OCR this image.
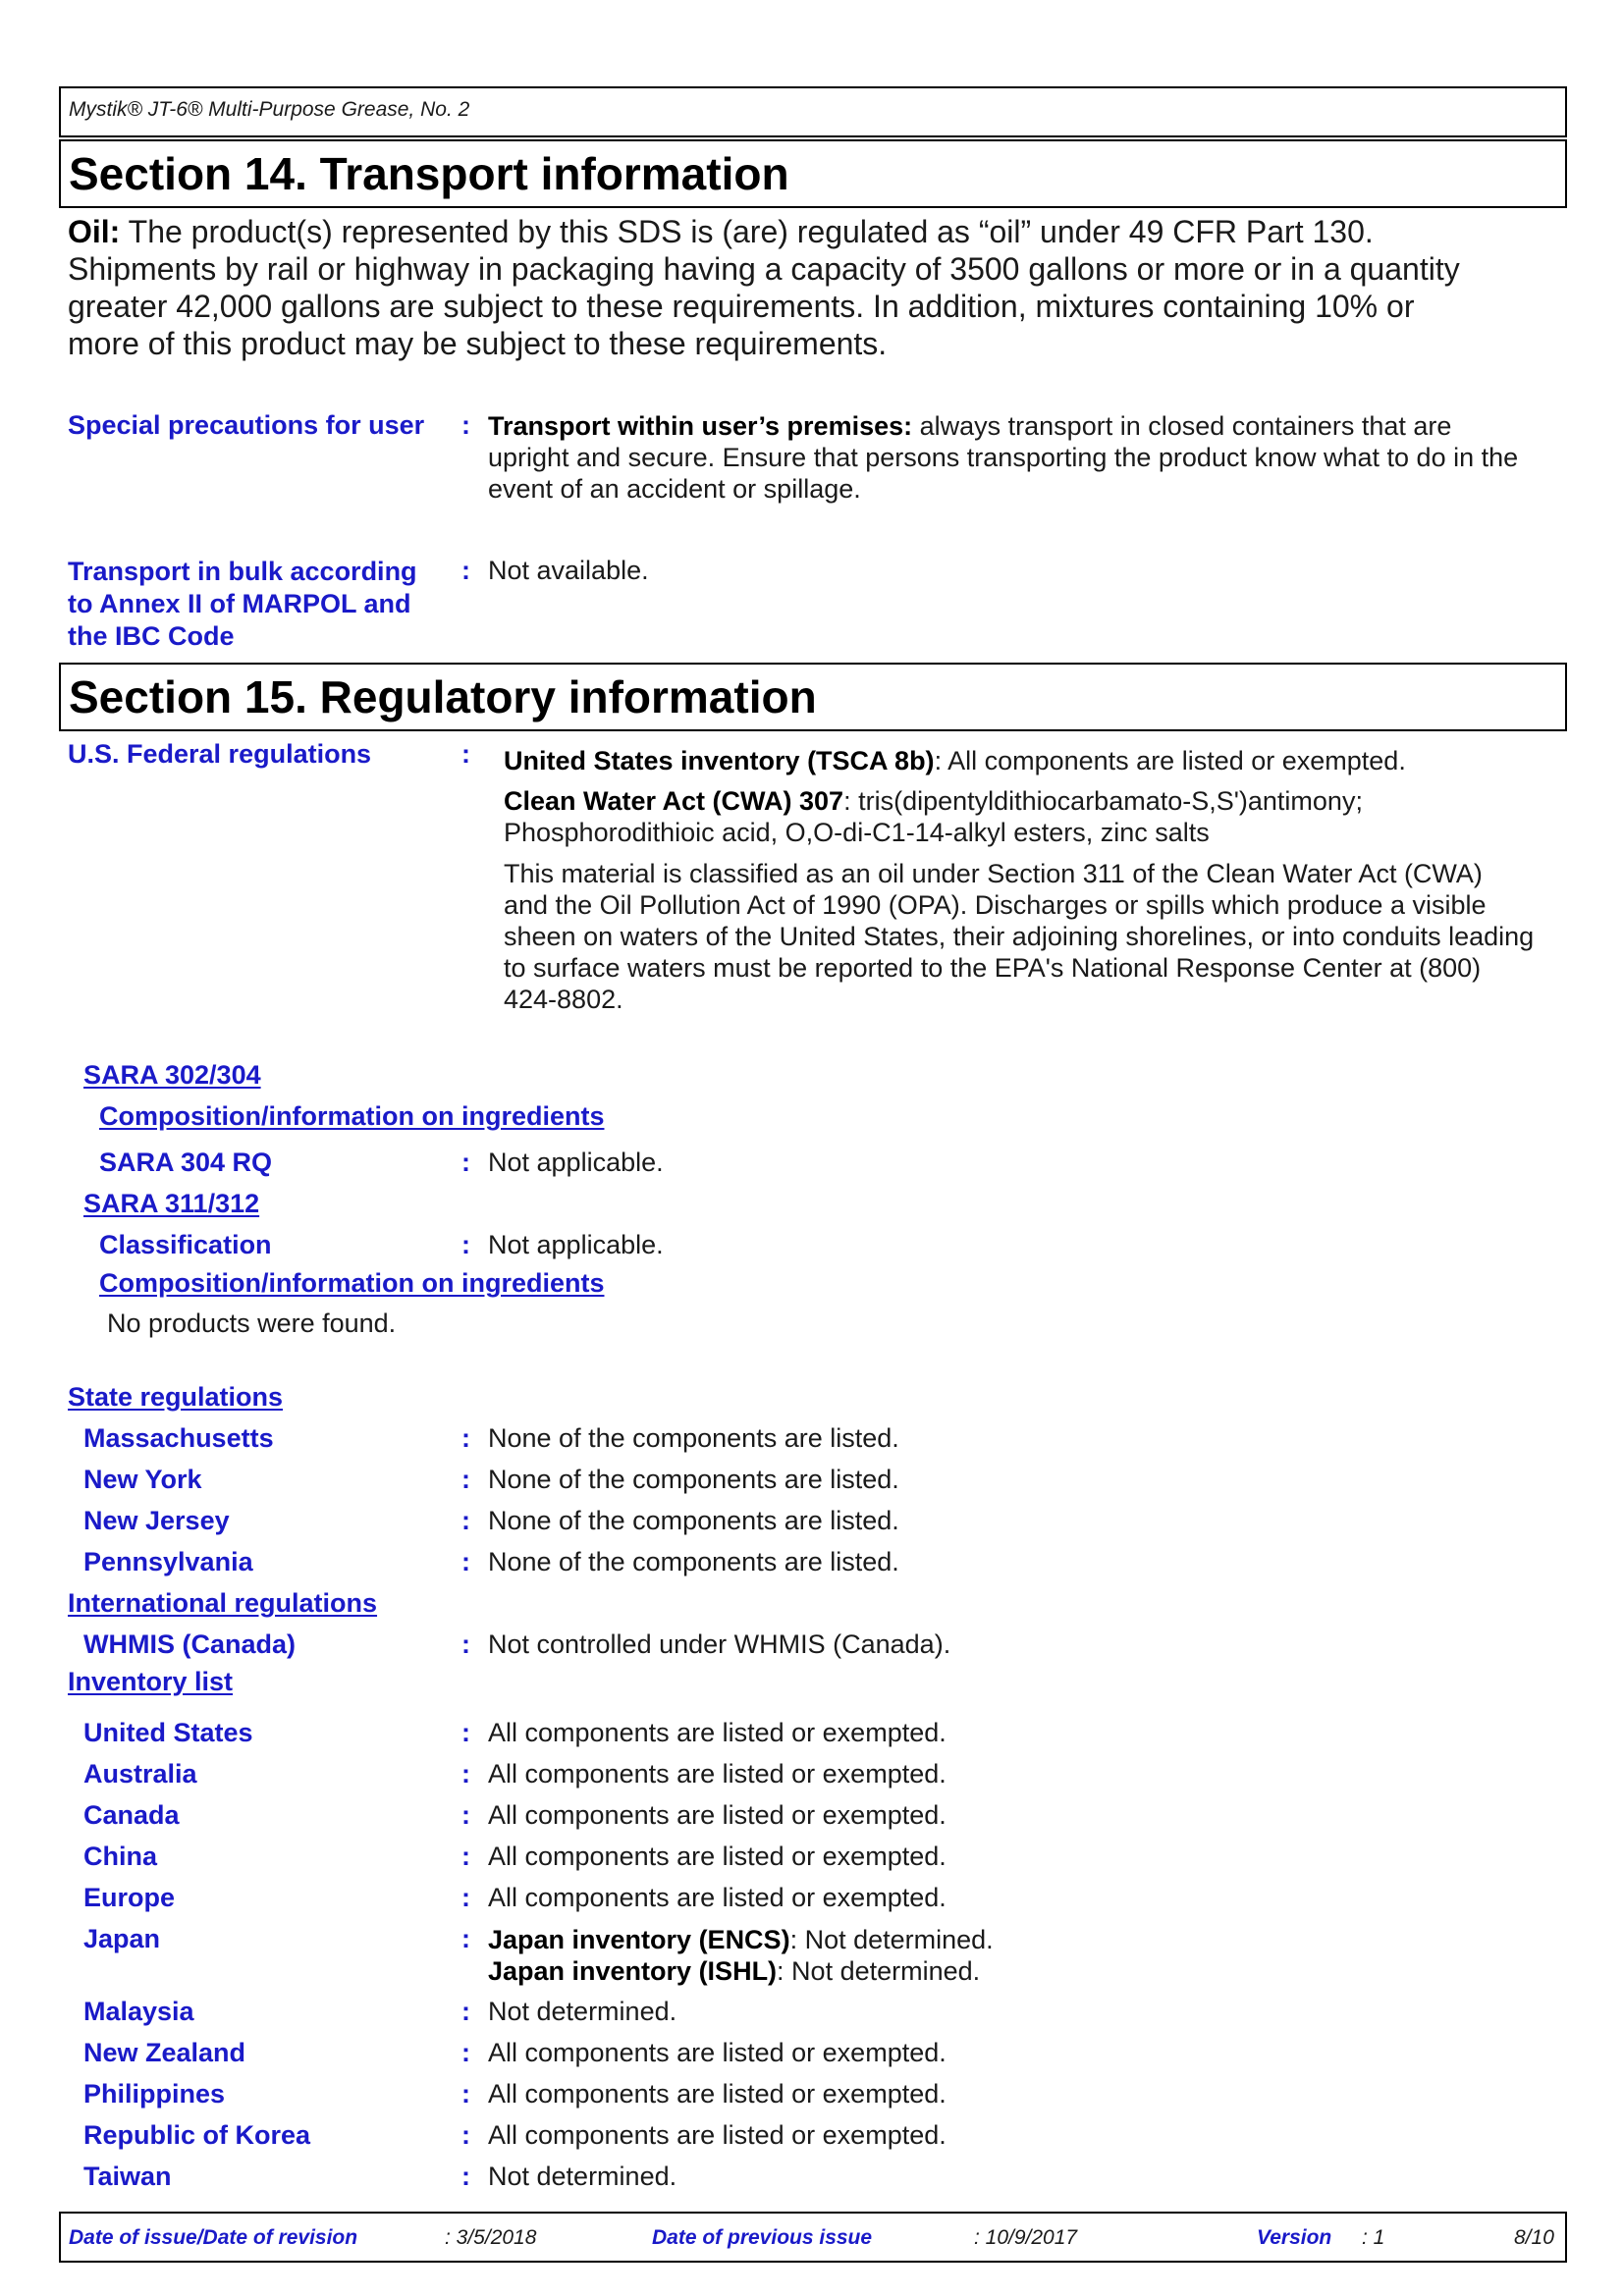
Mystik® JT-6® Multi-Purpose Grease, No. 2
Section 14. Transport information
Oil: The product(s) represented by this SDS is (are) regulated as “oil” under 49 CFR Part 130.
Shipments by rail or highway in packaging having a capacity of 3500 gallons or more or in a quantity
greater 42,000 gallons are subject to these requirements. In addition, mixtures containing 10% or
more of this product may be subject to these requirements.
Special precautions for user : Transport within user’s premises: always transport in closed containers that are
upright and secure. Ensure that persons transporting the product know what to do in the
event of an accident or spillage.
Transport in bulk according
to Annex II of MARPOL and
the IBC Code
: Not available.
Section 15. Regulatory information
U.S. Federal regulations	: United States inventory (TSCA 8b): All components are listed or exempted.
Clean Water Act (CWA) 307: tris(dipentyldithiocarbamato-S,S')antimony;
Phosphorodithioic acid, O,O-di-C1-14-alkyl esters, zinc salts
This material is classified as an oil under Section 311 of the Clean Water Act (CWA)
and the Oil Pollution Act of 1990 (OPA). Discharges or spills which produce a visible
sheen on waters of the United States, their adjoining shorelines, or into conduits leading
to surface waters must be reported to the EPA's National Response Center at (800)
424-8802.
SARA 302/304
Composition/information on ingredients
SARA 304 RQ	: Not applicable.
SARA 311/312
Classification	: Not applicable.
Composition/information on ingredients
No products were found.
State regulations
Massachusetts	: None of the components are listed.
New York	: None of the components are listed.
New Jersey	: None of the components are listed.
Pennsylvania	: None of the components are listed.
International regulations
WHMIS (Canada)	: Not controlled under WHMIS (Canada).
Inventory list
United States	: All components are listed or exempted.
Australia	: All components are listed or exempted.
Canada	: All components are listed or exempted.
China	: All components are listed or exempted.
Europe	: All components are listed or exempted.
Japan	: Japan inventory (ENCS): Not determined.
Japan inventory (ISHL): Not determined.
Malaysia	: Not determined.
New Zealand	: All components are listed or exempted.
Philippines	: All components are listed or exempted.
Republic of Korea	: All components are listed or exempted.
Taiwan	: Not determined.
Date of issue/Date of revision	: 3/5/2018	Date of previous issue	: 10/9/2017	Version : 1	8/10
